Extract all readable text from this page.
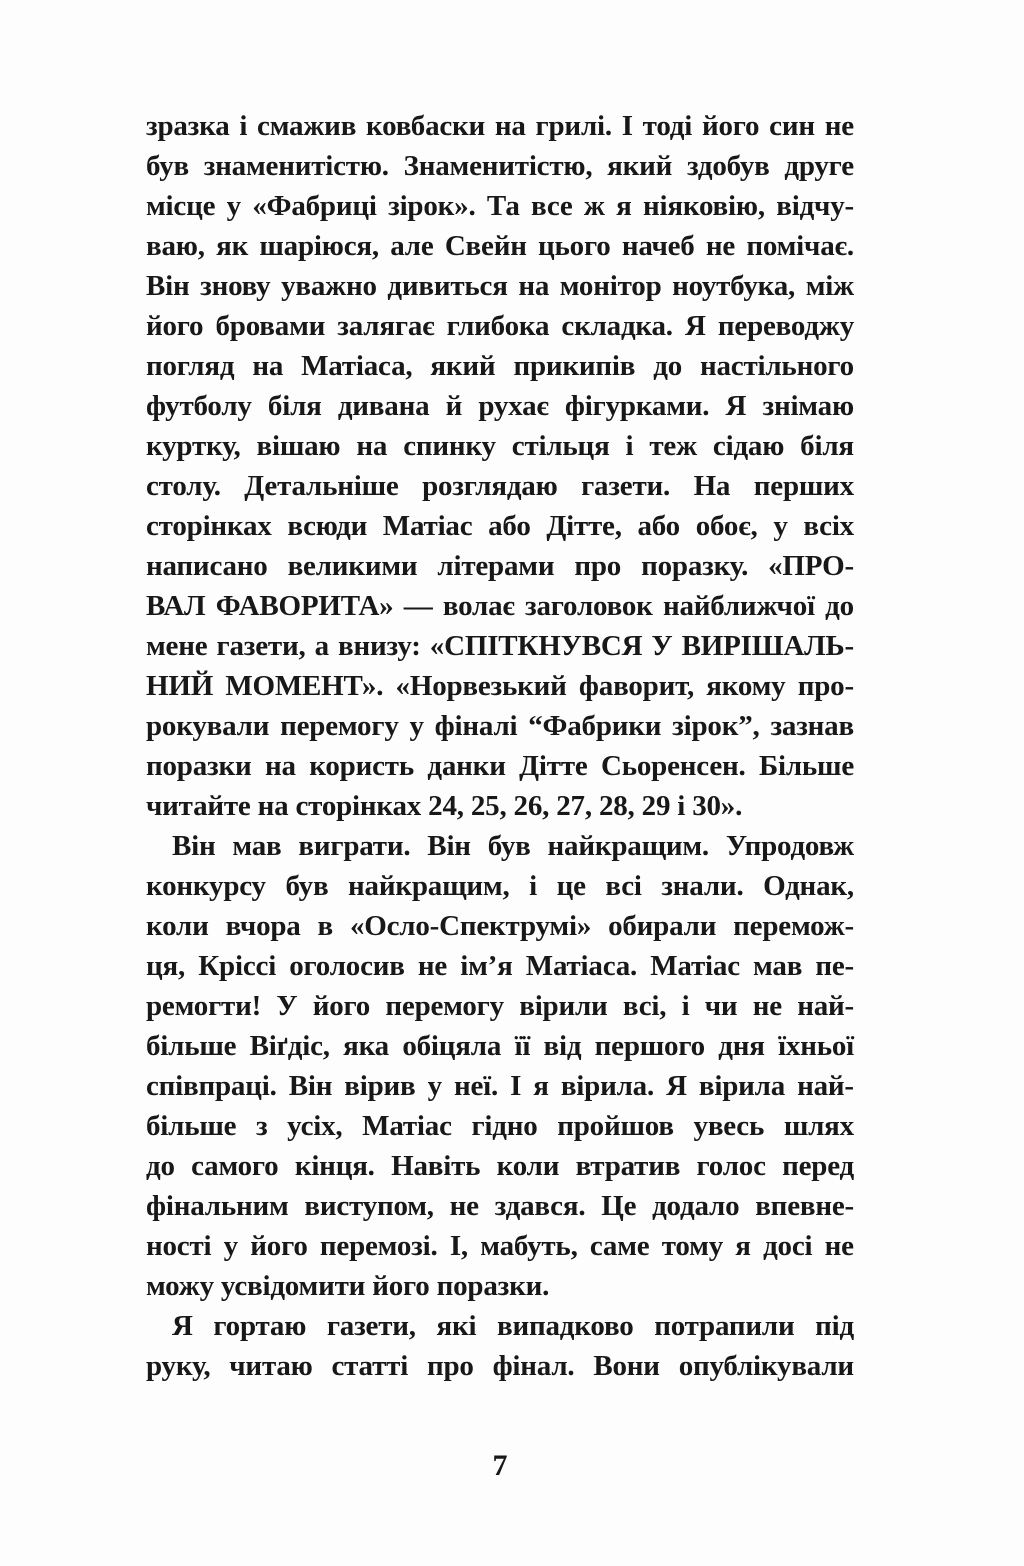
зразка і смажив ковбаски на грилі. І тоді його син не
був знаменитістю. Знаменитістю, який здобув друге
місце у «Фабриці зірок». Та все ж я ніяковію, відчу-
ваю, як шаріюся, але Свейн цього начеб не помічає.
Він знову уважно дивиться на монітор ноутбука, між
його бровами залягає глибока складка. Я переводжу
погляд на Матіаса, який прикипів до настільного
футболу біля дивана й рухає фігурками. Я знімаю
куртку, вішаю на спинку стільця і теж сідаю біля
столу. Детальніше розглядаю газети. На перших
сторінках всюди Матіас або Дітте, або обоє, у всіх
написано великими літерами про поразку. «ПРО-
ВАЛ ФАВОРИТА» — волає заголовок найближчої до
мене газети, а внизу: «СПІТКНУВСЯ У ВИРІШАЛЬ-
НИЙ МОМЕНТ». «Норвезький фаворит, якому про-
рокували перемогу у фіналі “Фабрики зірок”, зазнав
поразки на користь данки Дітте Сьоренсен. Більше
читайте на сторінках 24, 25, 26, 27, 28, 29 і 30».
Він мав виграти. Він був найкращим. Упродовж
конкурсу був найкращим, і це всі знали. Однак,
коли вчора в «Осло-Спектрумі» обирали перемож-
ця, Кріссі оголосив не ім’я Матіаса. Матіас мав пе-
ремогти! У його перемогу вірили всі, і чи не най-
більше Віґдіс, яка обіцяла її від першого дня їхньої
співпраці. Він вірив у неї. І я вірила. Я вірила най-
більше з усіх, Матіас гідно пройшов увесь шлях
до самого кінця. Навіть коли втратив голос перед
фінальним виступом, не здався. Це додало впевне-
ності у його перемозі. І, мабуть, саме тому я досі не
можу усвідомити його поразки.
Я гортаю газети, які випадково потрапили під
руку, читаю статті про фінал. Вони опублікували
7
